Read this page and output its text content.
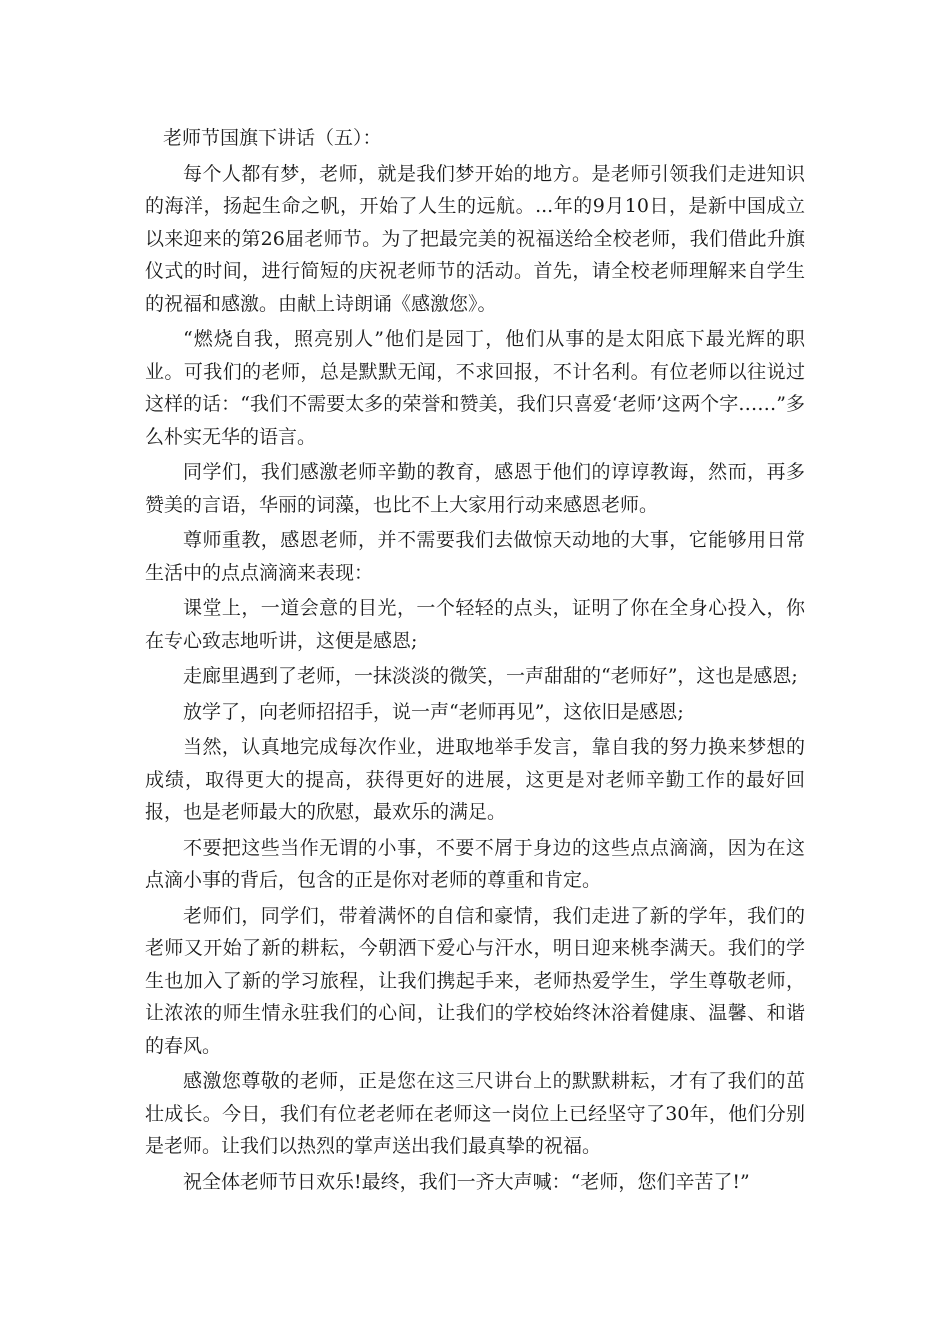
老师节国旗下讲话（五）：

每个人都有梦，老师，就是我们梦开始的地方。是老师引领我们走进知识的海洋，扬起生命之帆，开始了人生的远航。...年的9月10日，是新中国成立以来迎来的第26届老师节。为了把最完美的祝福送给全校老师，我们借此升旗仪式的时间，进行简短的庆祝老师节的活动。首先，请全校老师理解来自学生的祝福和感激。由献上诗朗诵《感激您》。

“燃烧自我，照亮别人”他们是园丁，他们从事的是太阳底下最光辉的职业。可我们的老师，总是默默无闻，不求回报，不计名利。有位老师以往说过这样的话：“我们不需要太多的荣誉和赞美，我们只喜爱‘老师’这两个字……”多么朴实无华的语言。

同学们，我们感激老师辛勤的教育，感恩于他们的谆谆教诲，然而，再多赞美的言语，华丽的词藻，也比不上大家用行动来感恩老师。

尊师重教，感恩老师，并不需要我们去做惊天动地的大事，它能够用日常生活中的点点滴滴来表现：

课堂上，一道会意的目光，一个轻轻的点头，证明了你在全身心投入，你在专心致志地听讲，这便是感恩;

走廊里遇到了老师，一抹淡淡的微笑，一声甜甜的“老师好”，这也是感恩;

放学了，向老师招招手，说一声“老师再见”，这依旧是感恩;

当然，认真地完成每次作业，进取地举手发言，靠自我的努力换来梦想的成绩，取得更大的提高，获得更好的进展，这更是对老师辛勤工作的最好回报，也是老师最大的欣慰，最欢乐的满足。

不要把这些当作无谓的小事，不要不屑于身边的这些点点滴滴，因为在这点滴小事的背后，包含的正是你对老师的尊重和肯定。

老师们，同学们，带着满怀的自信和豪情，我们走进了新的学年，我们的老师又开始了新的耕耘，今朝洒下爱心与汗水，明日迎来桃李满天。我们的学生也加入了新的学习旅程，让我们携起手来，老师热爱学生，学生尊敬老师，让浓浓的师生情永驻我们的心间，让我们的学校始终沐浴着健康、温馨、和谐的春风。

感激您尊敬的老师，正是您在这三尺讲台上的默默耕耘，才有了我们的茁壮成长。今日，我们有位老老师在老师这一岗位上已经坚守了30年，他们分别是老师。让我们以热烈的掌声送出我们最真挚的祝福。

祝全体老师节日欢乐!最终，我们一齐大声喊：“老师，您们辛苦了!”
